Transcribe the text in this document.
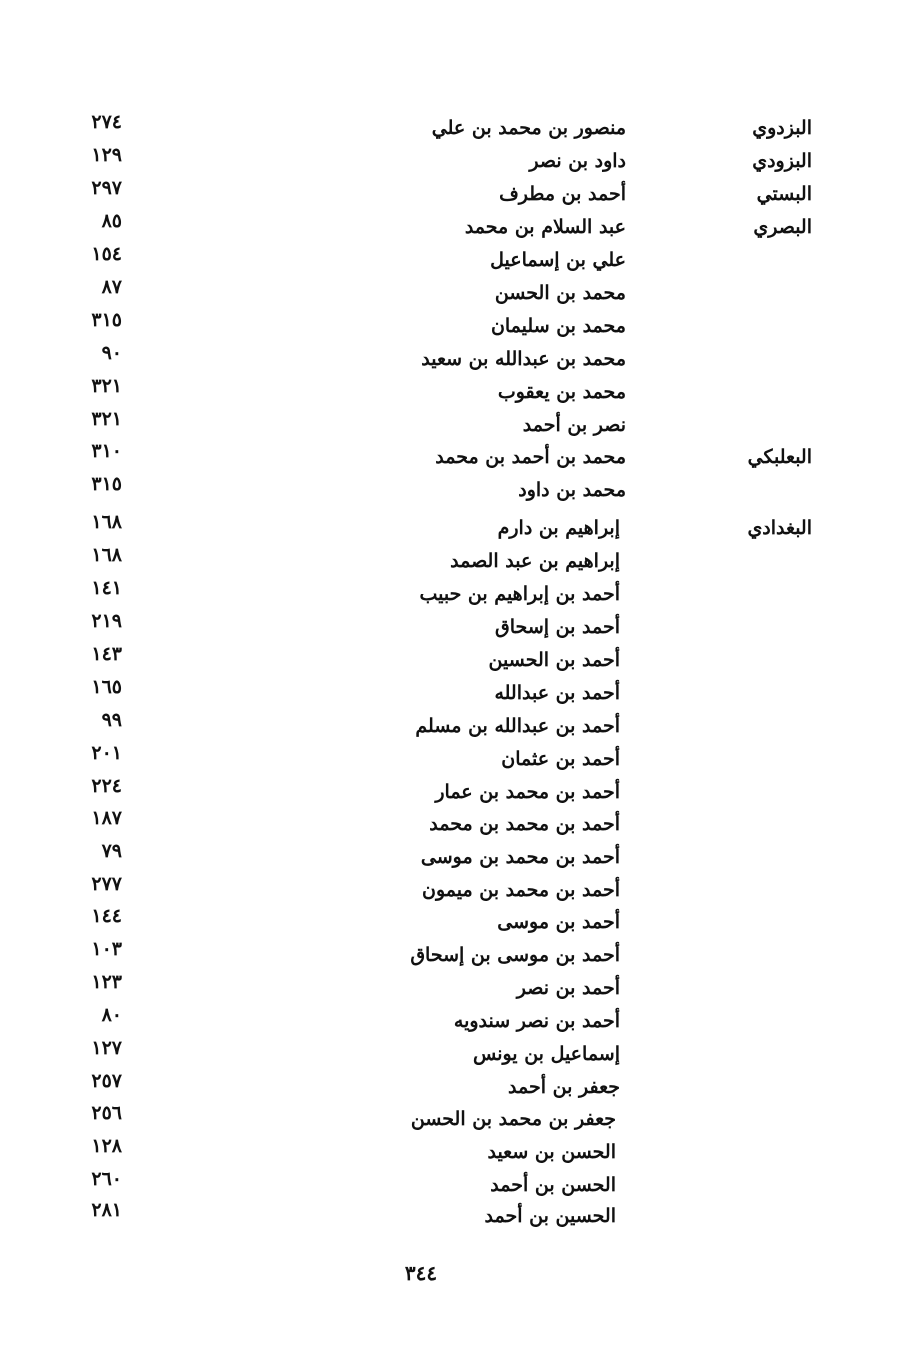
البزدوي
منصور بن محمد بن علي
٢٧٤
البزودي
داود بن نصر
١٢٩
البستي
أحمد بن مطرف
٢٩٧
البصري
عبد السلام بن محمد
٨٥
علي بن إسماعيل
١٥٤
محمد بن الحسن
٨٧
محمد بن سليمان
٣١٥
محمد بن عبدالله بن سعيد
٩٠
محمد بن يعقوب
٣٢١
نصر بن أحمد
٣٢١
البعلبكي
محمد بن أحمد بن محمد
٣١٠
محمد بن داود
٣١٥
البغدادي
إبراهيم بن دارم
١٦٨
إبراهيم بن عبد الصمد
١٦٨
أحمد بن إبراهيم بن حبيب
١٤١
أحمد بن إسحاق
٢١٩
أحمد بن الحسين
١٤٣
أحمد بن عبدالله
١٦٥
أحمد بن عبدالله بن مسلم
٩٩
أحمد بن عثمان
٢٠١
أحمد بن محمد بن عمار
٢٢٤
أحمد بن محمد بن محمد
١٨٧
أحمد بن محمد بن موسى
٧٩
أحمد بن محمد بن ميمون
٢٧٧
أحمد بن موسى
١٤٤
أحمد بن موسى بن إسحاق
١٠٣
أحمد بن نصر
١٢٣
أحمد بن نصر سندويه
٨٠
إسماعيل بن يونس
١٢٧
جعفر بن أحمد
٢٥٧
جعفر بن محمد بن الحسن
٢٥٦
الحسن بن سعيد
١٢٨
الحسن بن أحمد
٢٦٠
الحسين بن أحمد
٢٨١
٣٤٤
